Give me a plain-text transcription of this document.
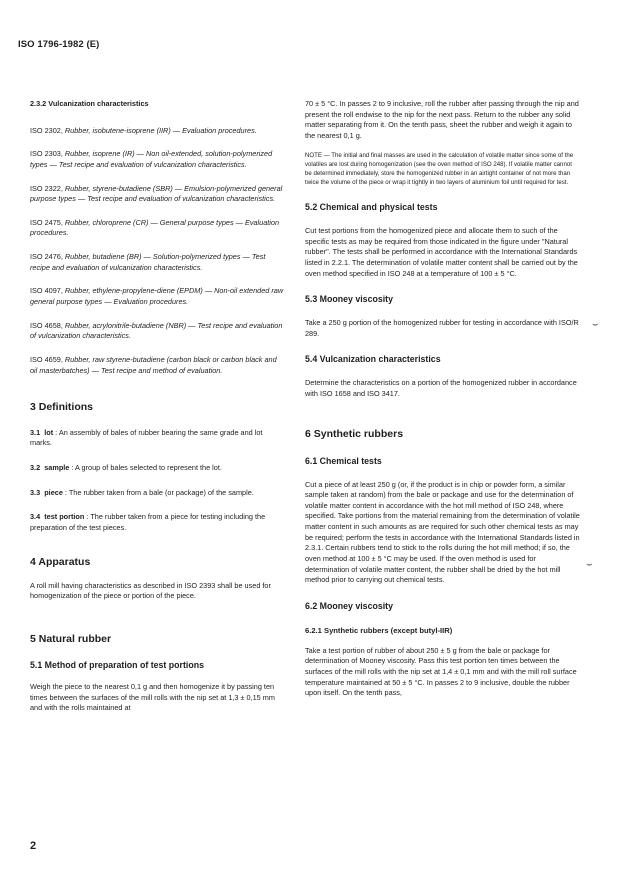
ISO 1796-1982 (E)

2.3.2 Vulcanization characteristics

ISO 2302, Rubber, isobutene-isoprene (IIR) — Evaluation procedures.

ISO 2303, Rubber, isoprene (IR) — Non oil-extended, solution-polymerized types — Test recipe and evaluation of vulcanization characteristics.

ISO 2322, Rubber, styrene-butadiene (SBR) — Emulsion-polymerized general purpose types — Test recipe and evaluation of vulcanization characteristics.

ISO 2475, Rubber, chloroprene (CR) — General purpose types — Evaluation procedures.

ISO 2476, Rubber, butadiene (BR) — Solution-polymerized types — Test recipe and evaluation of vulcanization characteristics.

ISO 4097, Rubber, ethylene-propylene-diene (EPDM) — Non-oil extended raw general purpose types — Evaluation procedures.

ISO 4658, Rubber, acrylonitrile-butadiene (NBR) — Test recipe and evaluation of vulcanization characteristics.

ISO 4659, Rubber, raw styrene-butadiene (carbon black or carbon black and oil masterbatches) — Test recipe and method of evaluation.

3 Definitions

3.1 lot : An assembly of bales of rubber bearing the same grade and lot marks.

3.2 sample : A group of bales selected to represent the lot.

3.3 piece : The rubber taken from a bale (or package) of the sample.

3.4 test portion : The rubber taken from a piece for testing including the preparation of the test pieces.

4 Apparatus

A roll mill having characteristics as described in ISO 2393 shall be used for homogenization of the piece or portion of the piece.

5 Natural rubber

5.1 Method of preparation of test portions

Weigh the piece to the nearest 0,1 g and then homogenize it by passing ten times between the surfaces of the mill rolls with the nip set at 1,3 ± 0,15 mm and with the rolls maintained at

70 ± 5 °C. In passes 2 to 9 inclusive, roll the rubber after passing through the nip and present the roll endwise to the nip for the next pass. Return to the rubber any solid matter separating from it. On the tenth pass, sheet the rubber and weigh it again to the nearest 0,1 g.

NOTE — The initial and final masses are used in the calculation of volatile matter since some of the volatiles are lost during homogenization (see the oven method of ISO 248). If volatile matter cannot be determined immediately, store the homogenized rubber in an airtight container of not more than twice the volume of the piece or wrap it tightly in two layers of aluminium foil until required for test.

5.2 Chemical and physical tests

Cut test portions from the homogenized piece and allocate them to such of the specific tests as may be required from those indicated in the figure under "Natural rubber". The tests shall be performed in accordance with the International Standards listed in 2.2.1. The determination of volatile matter content shall be carried out by the oven method specified in ISO 248 at a temperature of 100 ± 5 °C.

5.3 Mooney viscosity

Take a 250 g portion of the homogenized rubber for testing in accordance with ISO/R 289.

5.4 Vulcanization characteristics

Determine the characteristics on a portion of the homogenized rubber in accordance with ISO 1658 and ISO 3417.

6 Synthetic rubbers

6.1 Chemical tests

Cut a piece of at least 250 g (or, if the product is in chip or powder form, a similar sample taken at random) from the bale or package and use for the determination of volatile matter content in accordance with the hot mill method of ISO 248, where specified. Take portions from the material remaining from the determination of volatile matter content in such amounts as are required for such other chemical tests as may be required; perform the tests in accordance with the International Standards listed in 2.3.1. Certain rubbers tend to stick to the rolls during the hot mill method; if so, the oven method at 100 ± 5 °C may be used. If the oven method is used for determination of volatile matter content, the rubber shall be dried by the hot mill method prior to carrying out chemical tests.

6.2 Mooney viscosity

6.2.1 Synthetic rubbers (except butyl-IIR)

Take a test portion of rubber of about 250 ± 5 g from the bale or package for determination of Mooney viscosity. Pass this test portion ten times between the surfaces of the mill rolls with the nip set at 1,4 ± 0,1 mm and with the mill roll surface temperature maintained at 50 ± 5 °C. In passes 2 to 9 inclusive, double the rubber upon itself. On the tenth pass,

⌣
⌣
2
